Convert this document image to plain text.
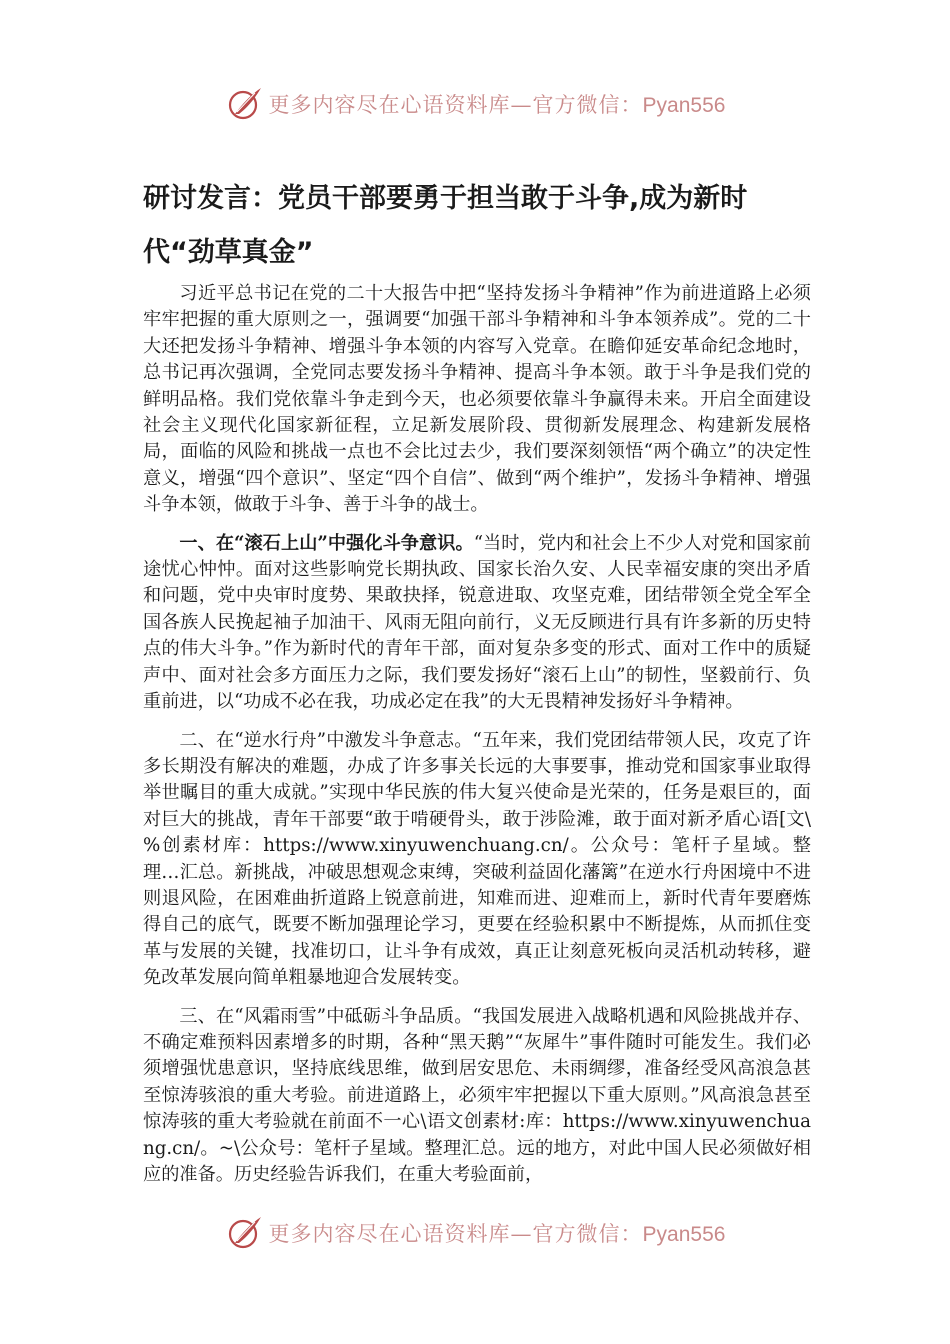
更多内容尽在心语资料库—官方微信：Pyan556
研讨发言：党员干部要勇于担当敢于斗争,成为新时代“劲草真金”

习近平总书记在党的二十大报告中把“坚持发扬斗争精神”作为前进道路上必须牢牢把握的重大原则之一，强调要“加强干部斗争精神和斗争本领养成”。党的二十大还把发扬斗争精神、增强斗争本领的内容写入党章。在瞻仰延安革命纪念地时，总书记再次强调，全党同志要发扬斗争精神、提高斗争本领。敢于斗争是我们党的鲜明品格。我们党依靠斗争走到今天，也必须要依靠斗争赢得未来。开启全面建设社会主义现代化国家新征程，立足新发展阶段、贯彻新发展理念、构建新发展格局，面临的风险和挑战一点也不会比过去少，我们要深刻领悟“两个确立”的决定性意义，增强“四个意识”、坚定“四个自信”、做到“两个维护”，发扬斗争精神、增强斗争本领，做敢于斗争、善于斗争的战士。

一、在“滚石上山”中强化斗争意识。“当时，党内和社会上不少人对党和国家前途忧心忡忡。面对这些影响党长期执政、国家长治久安、人民幸福安康的突出矛盾和问题，党中央审时度势、果敢抉择，锐意进取、攻坚克难，团结带领全党全军全国各族人民挽起袖子加油干、风雨无阻向前行，义无反顾进行具有许多新的历史特点的伟大斗争。”作为新时代的青年干部，面对复杂多变的形式、面对工作中的质疑声中、面对社会多方面压力之际，我们要发扬好“滚石上山”的韧性，坚毅前行、负重前进，以“功成不必在我，功成必定在我”的大无畏精神发扬好斗争精神。

二、在“逆水行舟”中激发斗争意志。“五年来，我们党团结带领人民，攻克了许多长期没有解决的难题，办成了许多事关长远的大事要事，推动党和国家事业取得举世瞩目的重大成就。”实现中华民族的伟大复兴使命是光荣的，任务是艰巨的，面对巨大的挑战，青年干部要“敢于啃硬骨头，敢于涉险滩，敢于面对新矛盾心语[文\%创素材库：https://www.xinyuwenchuang.cn/。公众号：笔杆子星域。整理…汇总。新挑战，冲破思想观念束缚，突破利益固化藩篱”在逆水行舟困境中不进则退风险，在困难曲折道路上锐意前进，知难而进、迎难而上，新时代青年要磨炼得自己的底气，既要不断加强理论学习，更要在经验积累中不断提炼，从而抓住变革与发展的关键，找准切口，让斗争有成效，真正让刻意死板向灵活机动转移，避免改革发展向简单粗暴地迎合发展转变。

三、在“风霜雨雪”中砥砺斗争品质。“我国发展进入战略机遇和风险挑战并存、不确定难预料因素增多的时期，各种“黑天鹅”“灰犀牛”事件随时可能发生。我们必须增强忧患意识，坚持底线思维，做到居安思危、未雨绸缪，准备经受风高浪急甚至惊涛骇浪的重大考验。前进道路上，必须牢牢把握以下重大原则。”风高浪急甚至惊涛骇的重大考验就在前面不一心\语文创素材:库：https://www.xinyuwenchuang.cn/。~\公众号：笔杆子星域。整理汇总。远的地方，对此中国人民必须做好相应的准备。历史经验告诉我们，在重大考验面前，

更多内容尽在心语资料库—官方微信：Pyan556
